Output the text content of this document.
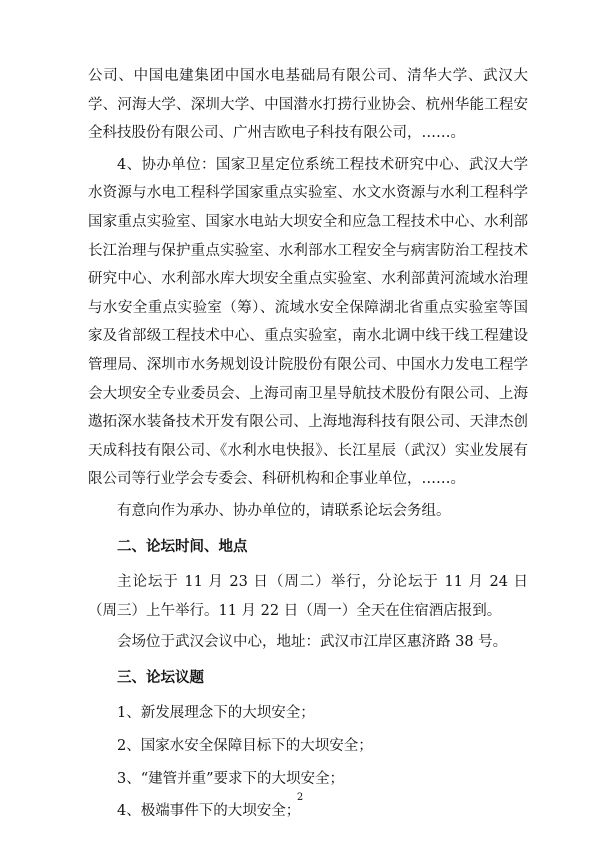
公司、中国电建集团中国水电基础局有限公司、清华大学、武汉大学、河海大学、深圳大学、中国潜水打捞行业协会、杭州华能工程安全科技股份有限公司、广州吉欧电子科技有限公司，……。

4、协办单位：国家卫星定位系统工程技术研究中心、武汉大学水资源与水电工程科学国家重点实验室、水文水资源与水利工程科学国家重点实验室、国家水电站大坝安全和应急工程技术中心、水利部长江治理与保护重点实验室、水利部水工程安全与病害防治工程技术研究中心、水利部水库大坝安全重点实验室、水利部黄河流域水治理与水安全重点实验室（筹）、流域水安全保障湖北省重点实验室等国家及省部级工程技术中心、重点实验室，南水北调中线干线工程建设管理局、深圳市水务规划设计院股份有限公司、中国水力发电工程学会大坝安全专业委员会、上海司南卫星导航技术股份有限公司、上海遨拓深水装备技术开发有限公司、上海地海科技有限公司、天津杰创天成科技有限公司、《水利水电快报》、长江星辰（武汉）实业发展有限公司等行业学会专委会、科研机构和企事业单位，……。

有意向作为承办、协办单位的，请联系论坛会务组。

二、论坛时间、地点

主论坛于 11 月 23 日（周二）举行，分论坛于 11 月 24 日（周三）上午举行。11 月 22 日（周一）全天在住宿酒店报到。

会场位于武汉会议中心，地址：武汉市江岸区惠济路 38 号。

三、论坛议题

1、新发展理念下的大坝安全；

2、国家水安全保障目标下的大坝安全；

3、“建管并重”要求下的大坝安全；

4、极端事件下的大坝安全；

2
